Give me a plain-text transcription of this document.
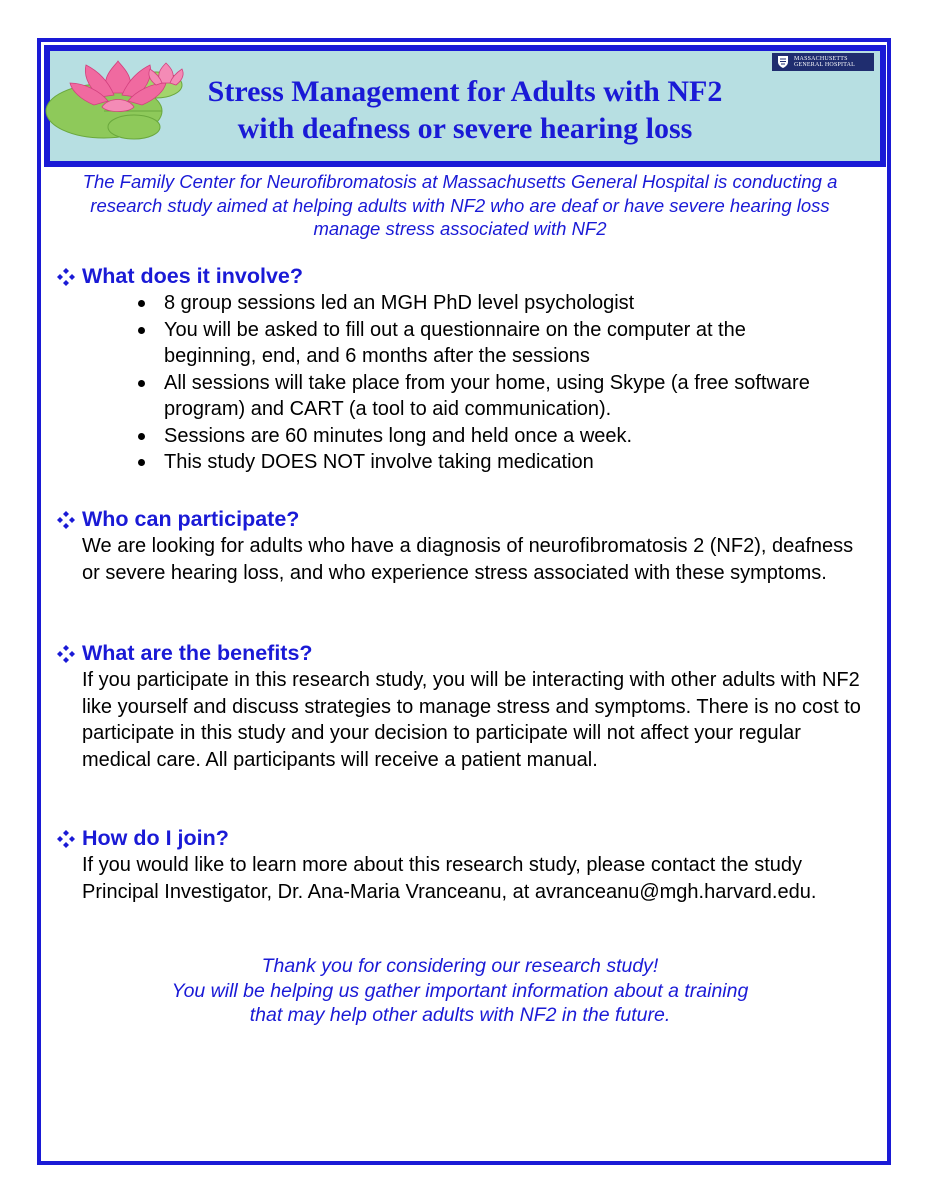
MASSACHUSETTS
GENERAL HOSPITAL
Stress Management for Adults with NF2
with deafness or severe hearing loss
The Family Center for Neurofibromatosis at Massachusetts General Hospital is conducting a research study aimed at helping adults with NF2 who are deaf or have severe hearing loss manage stress associated with NF2
What does it involve?
8 group sessions led an MGH PhD level psychologist
You will be asked to fill out a questionnaire on the computer at the beginning, end, and 6 months after the sessions
All sessions will take place from your home, using Skype (a free software program) and CART (a tool to aid communication).
Sessions are 60 minutes long and held once a week.
This study DOES NOT involve taking medication
Who can participate?
We are looking for adults who have a diagnosis of neurofibromatosis 2 (NF2), deafness or severe hearing loss, and who experience stress associated with these symptoms.
What are the benefits?
If you participate in this research study, you will be interacting with other adults with NF2 like yourself and discuss strategies to manage stress and symptoms. There is no cost to participate in this study and your decision to participate will not affect your regular medical care. All participants will receive a patient manual.
How do I join?
If you would like to learn more about this research study, please contact the study Principal Investigator, Dr. Ana-Maria Vranceanu, at avranceanu@mgh.harvard.edu.
Thank you for considering our research study!
You will be helping us gather important information about a training
that may help other adults with NF2 in the future.
